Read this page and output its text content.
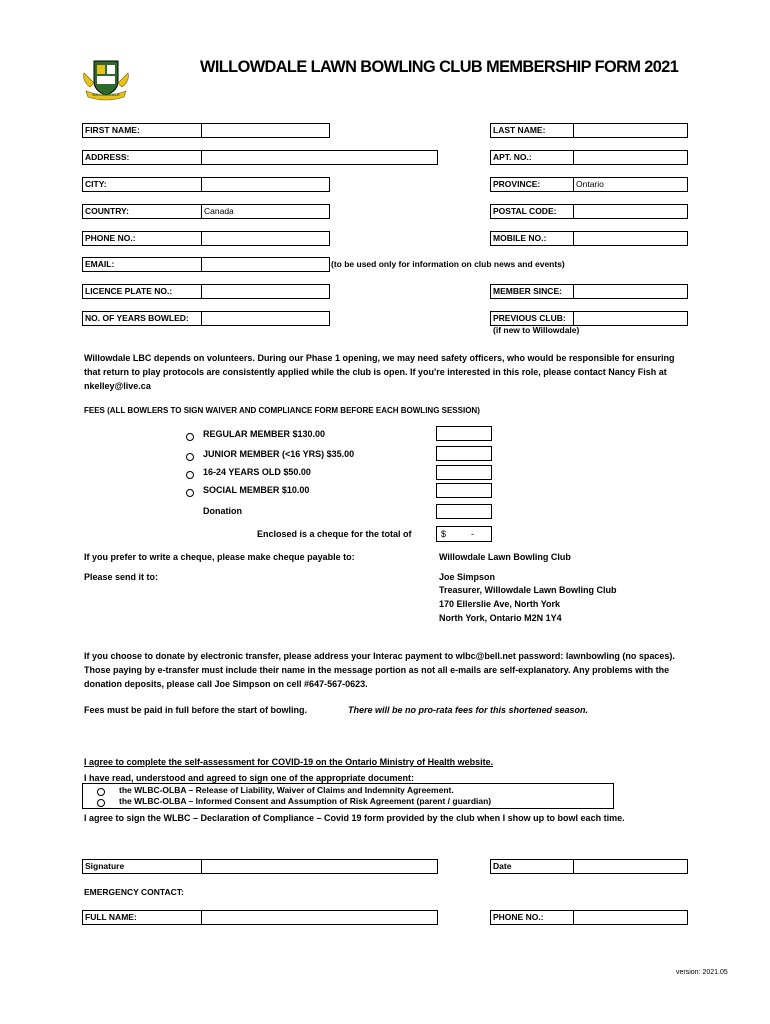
WILLOWDALE
WILLOWDALE LAWN BOWLING CLUB MEMBERSHIP FORM 2021
FIRST NAME:	LAST NAME:
ADDRESS:	APT. NO.:
CITY:	PROVINCE:	Ontario
COUNTRY:	Canada	POSTAL CODE:
PHONE NO.:	MOBILE NO.:
EMAIL:	(to be used only for information on club news and events)
LICENCE PLATE NO.:	MEMBER SINCE:
NO. OF YEARS BOWLED:	PREVIOUS CLUB:
(if new to Willowdale)
Willowdale LBC depends on volunteers. During our Phase 1 opening, we may need safety officers, who would be responsible for ensuring that return to play protocols are consistently applied while the club is open. If you're interested in this role, please contact Nancy Fish at nkelley@live.ca
FEES (ALL BOWLERS TO SIGN WAIVER AND COMPLIANCE FORM BEFORE EACH BOWLING SESSION)
REGULAR MEMBER $130.00
JUNIOR MEMBER (<16 YRS) $35.00
16-24 YEARS OLD $50.00
SOCIAL MEMBER $10.00
Donation
Enclosed is a cheque for the total of	$	-
If you prefer to write a cheque, please make cheque payable to:	Willowdale Lawn Bowling Club
Please send it to:	Joe Simpson
Treasurer, Willowdale Lawn Bowling Club
170 Ellerslie Ave, North York
North York, Ontario M2N 1Y4
If you choose to donate by electronic transfer, please address your Interac payment to wlbc@bell.net password: lawnbowling (no spaces). Those paying by e-transfer must include their name in the message portion as not all e-mails are self-explanatory. Any problems with the donation deposits, please call Joe Simpson on cell #647-567-0623.
Fees must be paid in full before the start of bowling.	There will be no pro-rata fees for this shortened season.
I agree to complete the self-assessment for COVID-19 on the Ontario Ministry of Health website.
I have read, understood and agreed to sign one of the appropriate document:
the WLBC-OLBA – Release of Liability, Waiver of Claims and Indemnity Agreement.
the WLBC-OLBA – Informed Consent and Assumption of Risk Agreement (parent / guardian)
I agree to sign the WLBC – Declaration of Compliance – Covid 19 form provided by the club when I show up to bowl each time.
Signature	Date
EMERGENCY CONTACT:
FULL NAME:	PHONE NO.:
version: 2021.05
